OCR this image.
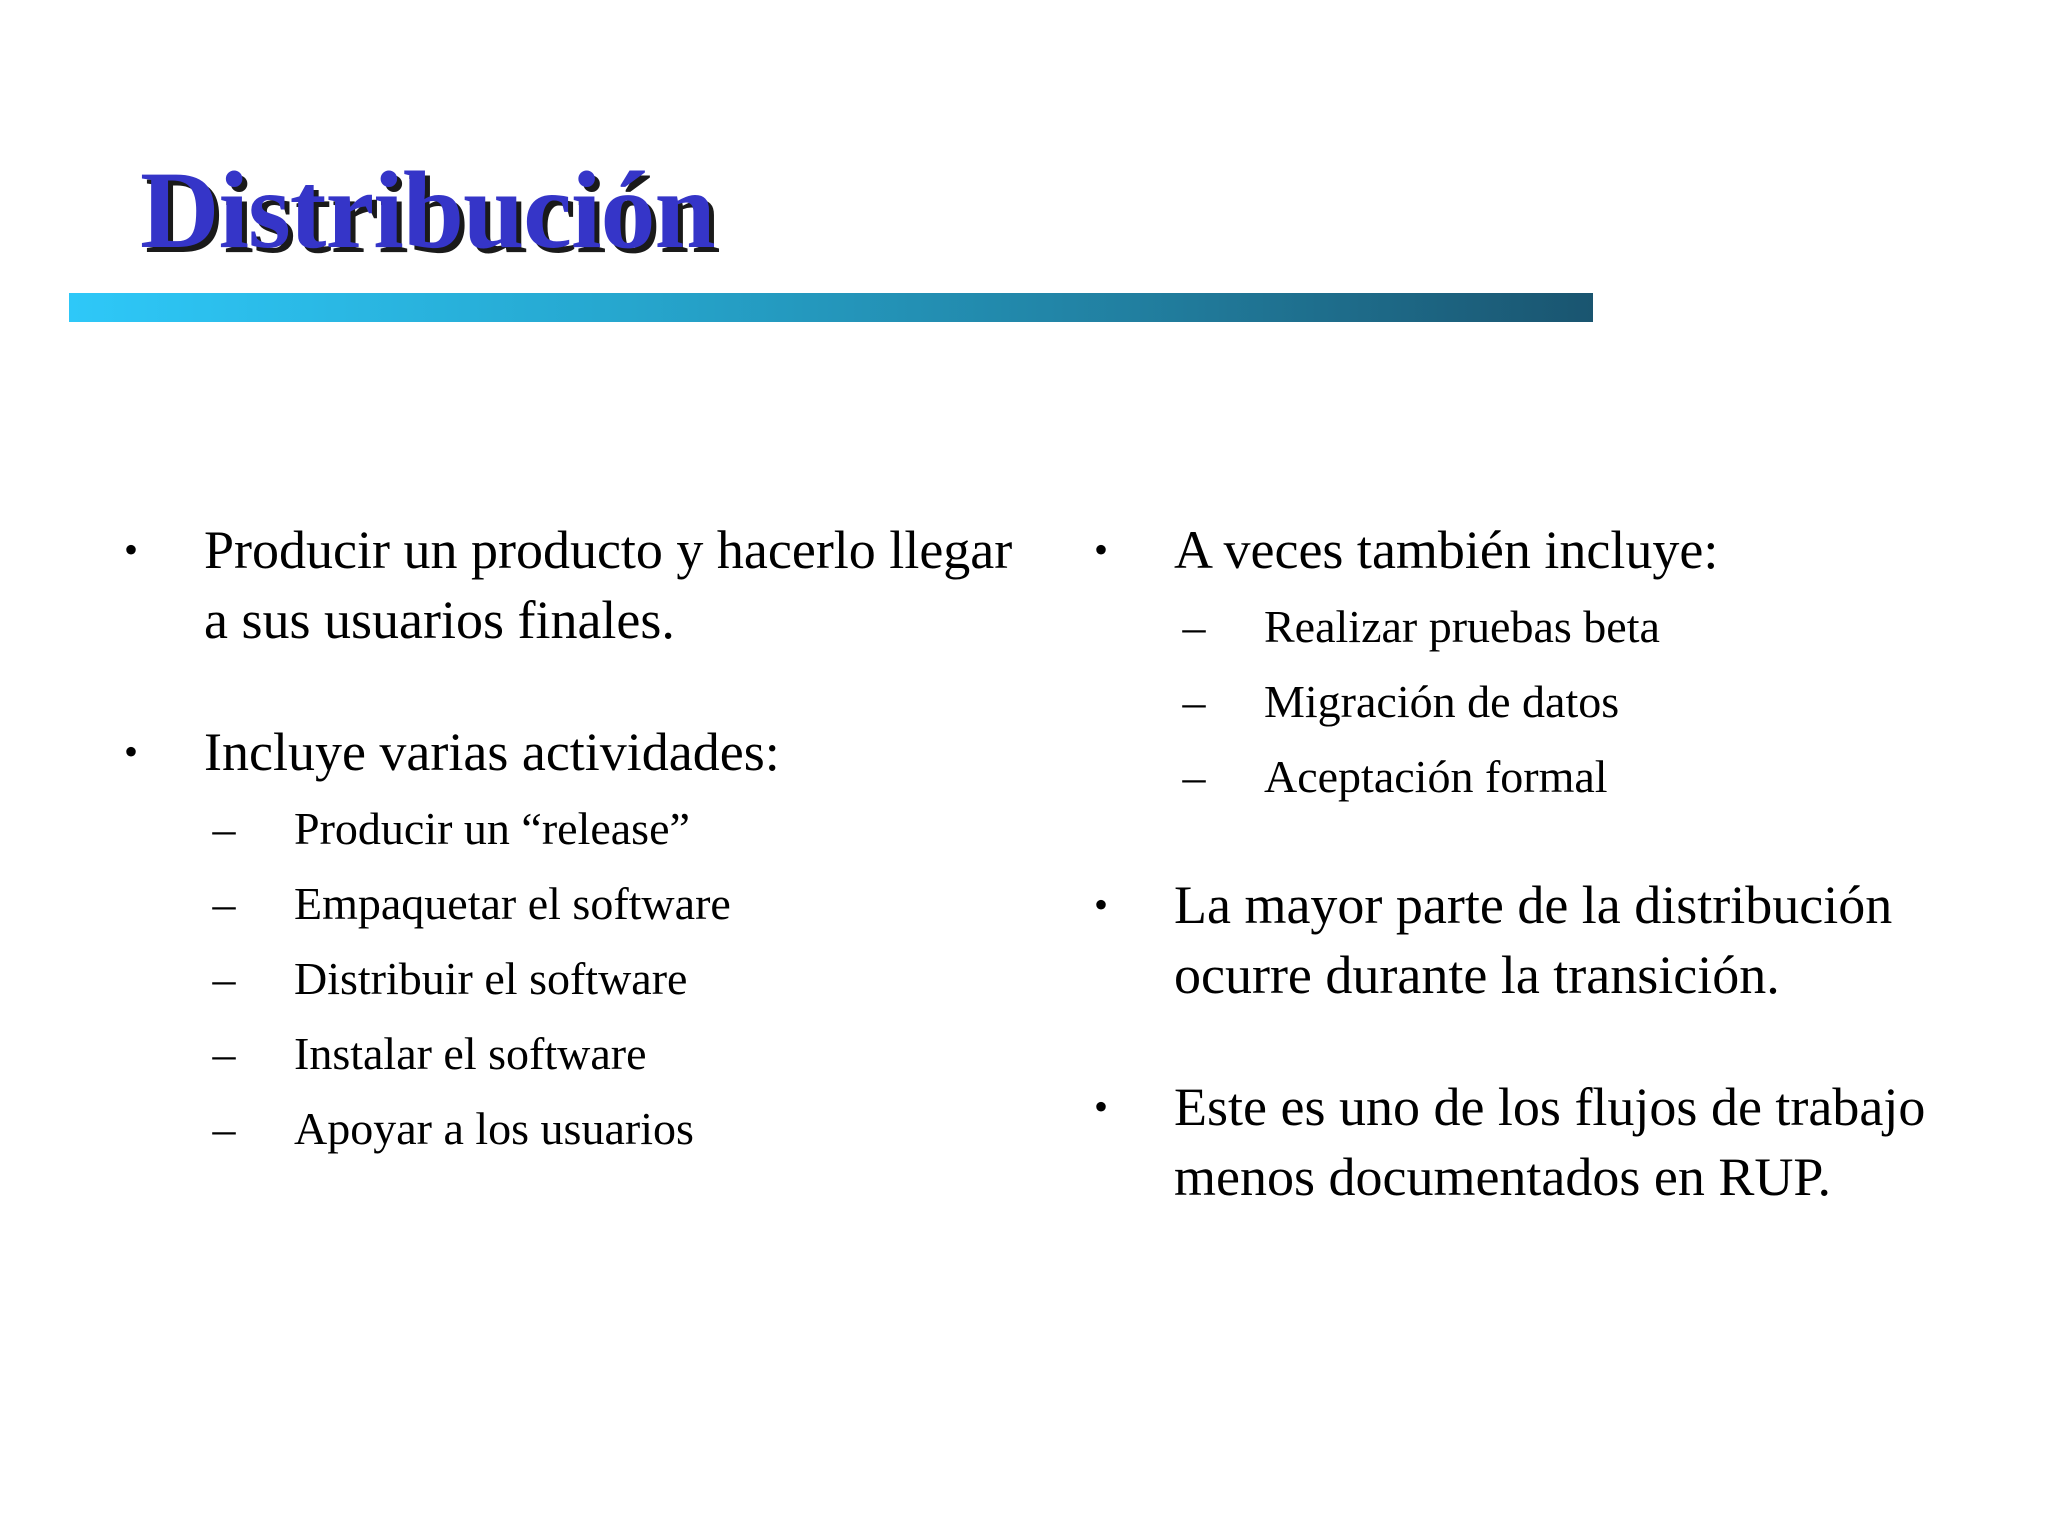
Distribución
• Producir un producto y hacerlo llegar a sus usuarios finales.
• Incluye varias actividades:
– Producir un “release”
– Empaquetar el software
– Distribuir el software
– Instalar el software
– Apoyar a los usuarios
• A veces también incluye:
– Realizar pruebas beta
– Migración de datos
– Aceptación formal
• La mayor parte de la distribución ocurre durante la transición.
• Este es uno de los flujos de trabajo menos documentados en RUP.
